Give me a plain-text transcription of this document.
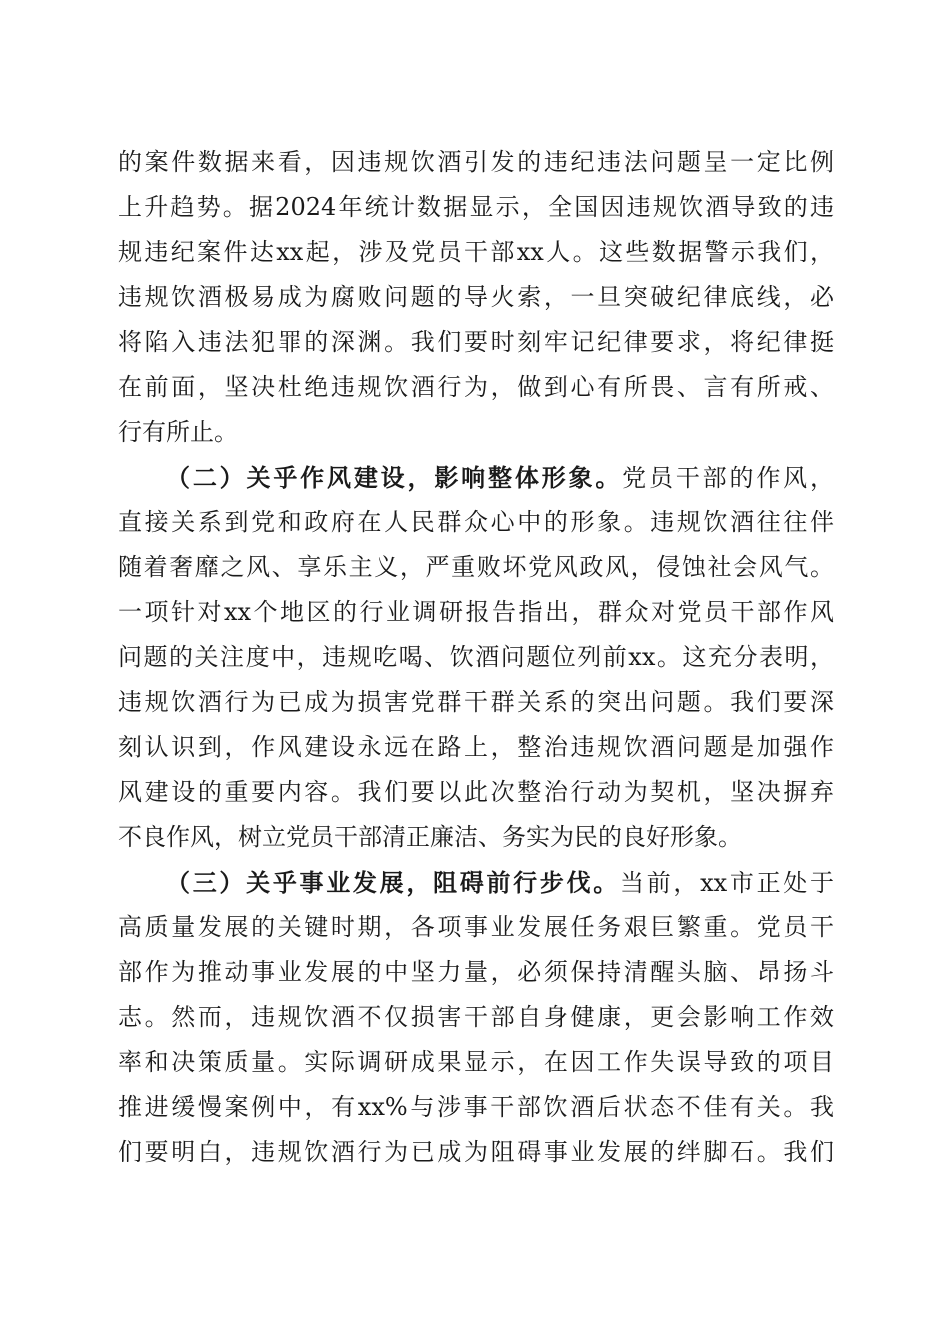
的案件数据来看，因违规饮酒引发的违纪违法问题呈一定比例
上升趋势。据2024年统计数据显示，全国因违规饮酒导致的违
规违纪案件达xx起，涉及党员干部xx人。这些数据警示我们，
违规饮酒极易成为腐败问题的导火索，一旦突破纪律底线，必
将陷入违法犯罪的深渊。我们要时刻牢记纪律要求，将纪律挺
在前面，坚决杜绝违规饮酒行为，做到心有所畏、言有所戒、
行有所止。
（二）关乎作风建设，影响整体形象。党员干部的作风，
直接关系到党和政府在人民群众心中的形象。违规饮酒往往伴
随着奢靡之风、享乐主义，严重败坏党风政风，侵蚀社会风气。
一项针对xx个地区的行业调研报告指出，群众对党员干部作风
问题的关注度中，违规吃喝、饮酒问题位列前xx。这充分表明，
违规饮酒行为已成为损害党群干群关系的突出问题。我们要深
刻认识到，作风建设永远在路上，整治违规饮酒问题是加强作
风建设的重要内容。我们要以此次整治行动为契机，坚决摒弃
不良作风，树立党员干部清正廉洁、务实为民的良好形象。
（三）关乎事业发展，阻碍前行步伐。当前，xx市正处于
高质量发展的关键时期，各项事业发展任务艰巨繁重。党员干
部作为推动事业发展的中坚力量，必须保持清醒头脑、昂扬斗
志。然而，违规饮酒不仅损害干部自身健康，更会影响工作效
率和决策质量。实际调研成果显示，在因工作失误导致的项目
推进缓慢案例中，有xx%与涉事干部饮酒后状态不佳有关。我
们要明白，违规饮酒行为已成为阻碍事业发展的绊脚石。我们
